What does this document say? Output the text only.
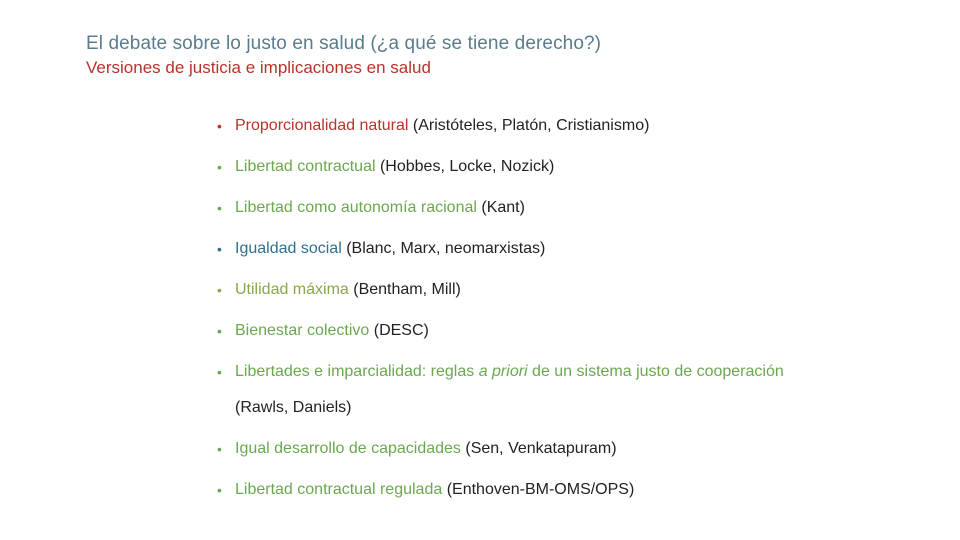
El debate sobre lo justo en salud (¿a qué se tiene derecho?)
Versiones de justicia e implicaciones en salud
• Proporcionalidad natural (Aristóteles, Platón, Cristianismo)
• Libertad contractual (Hobbes, Locke, Nozick)
• Libertad como autonomía racional (Kant)
• Igualdad social (Blanc, Marx, neomarxistas)
• Utilidad máxima (Bentham, Mill)
• Bienestar colectivo (DESC)
• Libertades e imparcialidad: reglas a priori de un sistema justo de cooperación (Rawls, Daniels)
• Igual desarrollo de capacidades (Sen, Venkatapuram)
• Libertad contractual regulada (Enthoven-BM-OMS/OPS)
